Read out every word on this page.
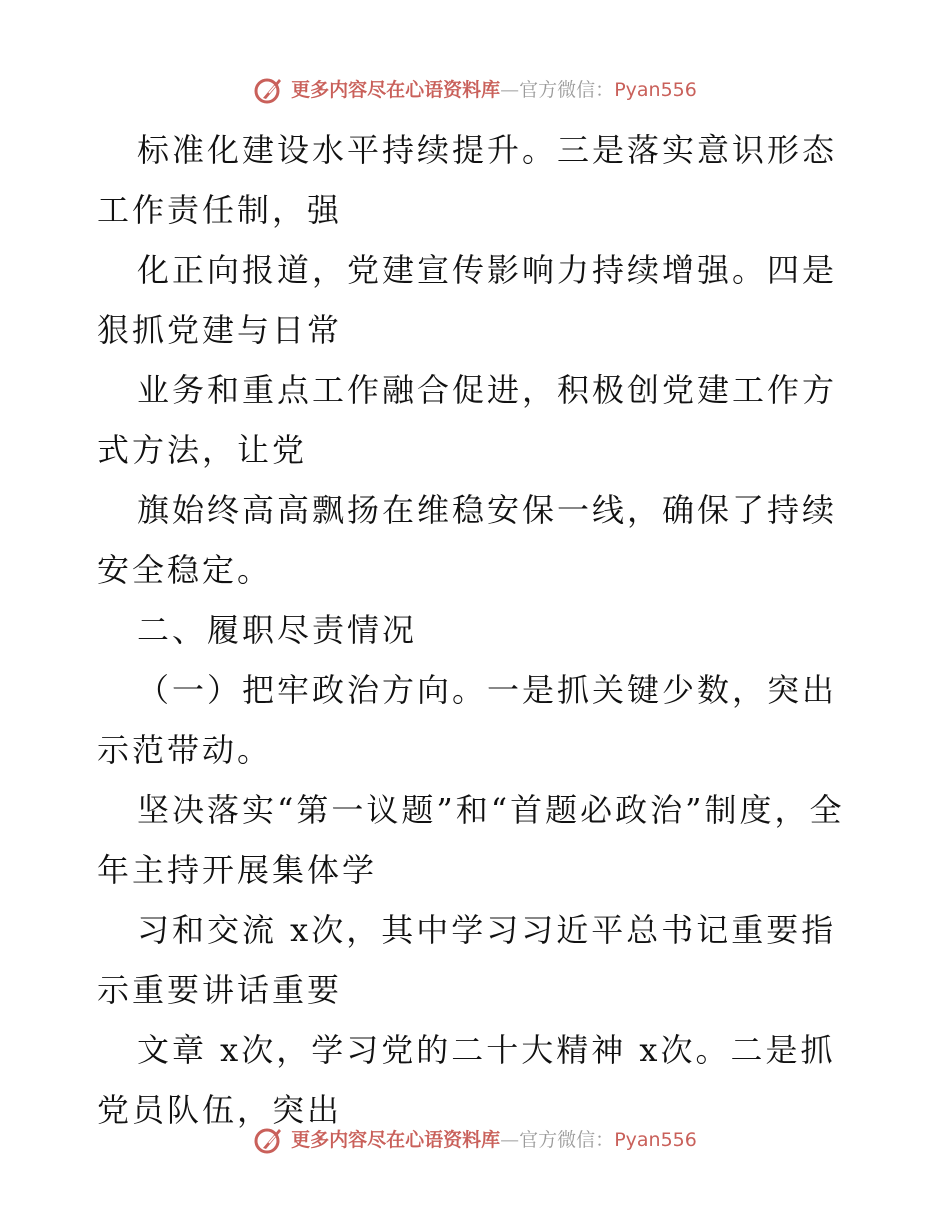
更多内容尽在心语资料库—官方微信：Pyan556

标准化建设水平持续提升。三是落实意识形态工作责任制，强

化正向报道，党建宣传影响力持续增强。四是狠抓党建与日常

业务和重点工作融合促进，积极创党建工作方式方法，让党

旗始终高高飘扬在维稳安保一线，确保了持续安全稳定。

二、履职尽责情况

（一）把牢政治方向。一是抓关键少数，突出示范带动。

坚决落实“第一议题”和“首题必政治”制度，全年主持开展集体学

习和交流 x次，其中学习习近平总书记重要指示重要讲话重要

文章 x次，学习党的二十大精神 x次。二是抓党员队伍，突出

更多内容尽在心语资料库—官方微信：Pyan556
